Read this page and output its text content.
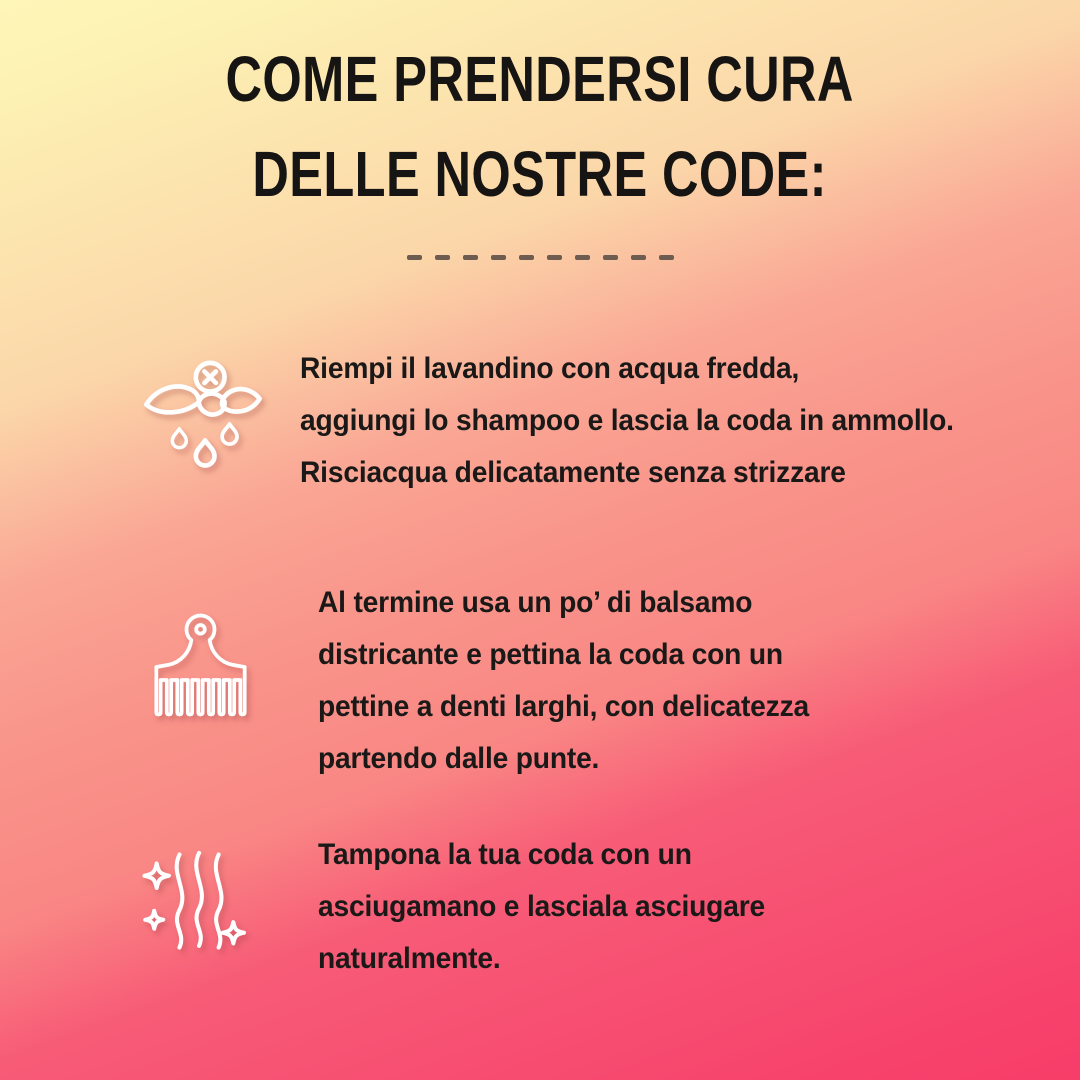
COME PRENDERSI CURA
DELLE NOSTRE CODE:
Riempi il lavandino con acqua fredda,
aggiungi lo shampoo e lascia la coda in ammollo.
Risciacqua delicatamente senza strizzare
Al termine usa un po’ di balsamo
districante e pettina la coda con un
pettine a denti larghi, con delicatezza
partendo dalle punte.
Tampona la tua coda con un
asciugamano e lasciala asciugare
naturalmente.
